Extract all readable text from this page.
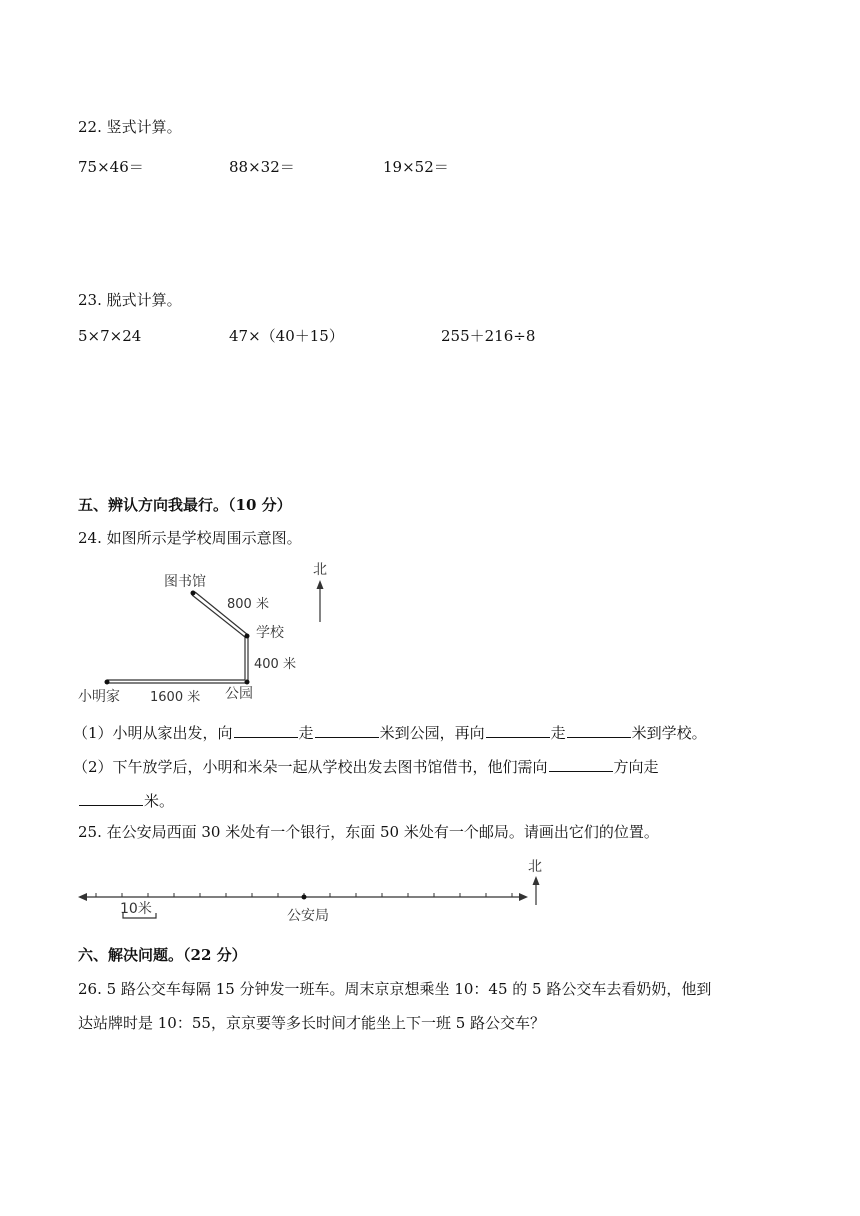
22. 竖式计算。
75×46＝	88×32＝	19×52＝
23. 脱式计算。
5×7×24	47×（40＋15）	255＋216÷8
五、辨认方向我最行。（10 分）
24. 如图所示是学校周围示意图。
图书馆
800 米
学校
400 米
公园
小明家 1600 米
北
（1）小明从家出发，向	走	米到公园，再向	走	米到学校。
（2）下午放学后，小明和米朵一起从学校出发去图书馆借书，他们需向	方向走
米。
25. 在公安局西面 30 米处有一个银行，东面 50 米处有一个邮局。请画出它们的位置。
10米	公安局
北
六、解决问题。（22 分）
26. 5 路公交车每隔 15 分钟发一班车。周末京京想乘坐 10：45 的 5 路公交车去看奶奶，他到
达站牌时是 10：55，京京要等多长时间才能坐上下一班 5 路公交车？
